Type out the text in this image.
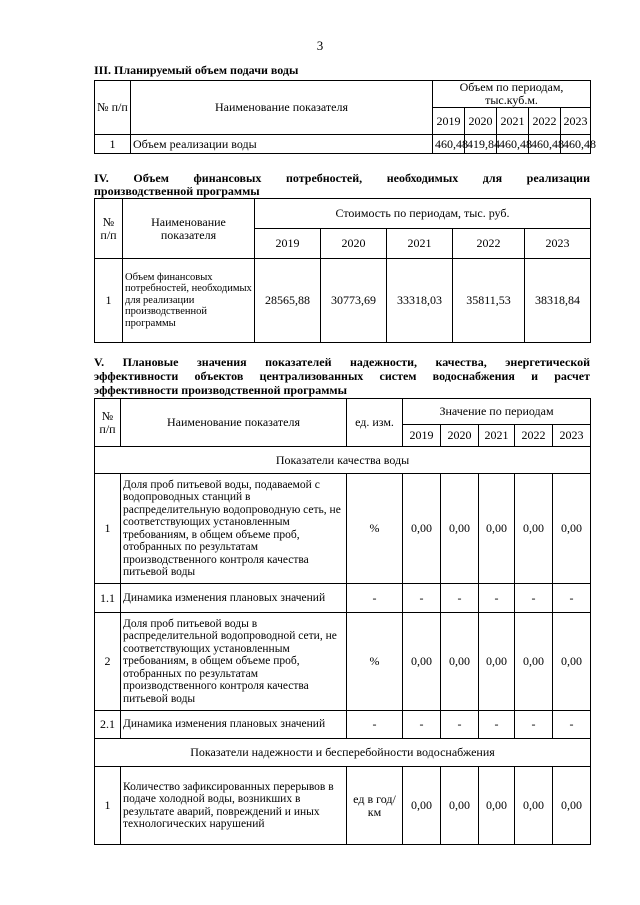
3
III. Планируемый объем подачи воды
№ п/п	Наименование показателя	Объем по периодам, тыс.куб.м.				
		2019	2020	2021	2022	2023
1	Объем реализации воды	460,48	419,84	460,48	460,48	460,48
IV. Объем финансовых потребностей, необходимых для реализации
производственной программы
№ п/п	Наименование показателя	Стоимость по периодам, тыс. руб.				
		2019	2020	2021	2022	2023
1	Объем финансовых потребностей, необходимых для реализации производственной программы	28565,88	30773,69	33318,03	35811,53	38318,84
V. Плановые значения показателей надежности, качества, энергетической
эффективности объектов централизованных систем водоснабжения и расчет
эффективности производственной программы
№ п/п	Наименование показателя	ед. изм.	Значение по периодам				
			2019	2020	2021	2022	2023
Показатели качества воды							
1	Доля проб питьевой воды, подаваемой с водопроводных станций в распределительную водопроводную сеть, не соответствующих установленным требованиям, в общем объеме проб, отобранных по результатам производственного контроля качества питьевой воды	%	0,00	0,00	0,00	0,00	0,00
1.1	Динамика изменения плановых значений	-	-	-	-	-	-
2	Доля проб питьевой воды в распределительной водопроводной сети, не соответствующих установленным требованиям, в общем объеме проб, отобранных по результатам производственного контроля качества питьевой воды	%	0,00	0,00	0,00	0,00	0,00
2.1	Динамика изменения плановых значений	-	-	-	-	-	-
Показатели надежности и бесперебойности водоснабжения							
1	Количество зафиксированных перерывов в подаче холодной воды, возникших в результате аварий, повреждений и иных технологических нарушений	ед в год/ км	0,00	0,00	0,00	0,00	0,00
